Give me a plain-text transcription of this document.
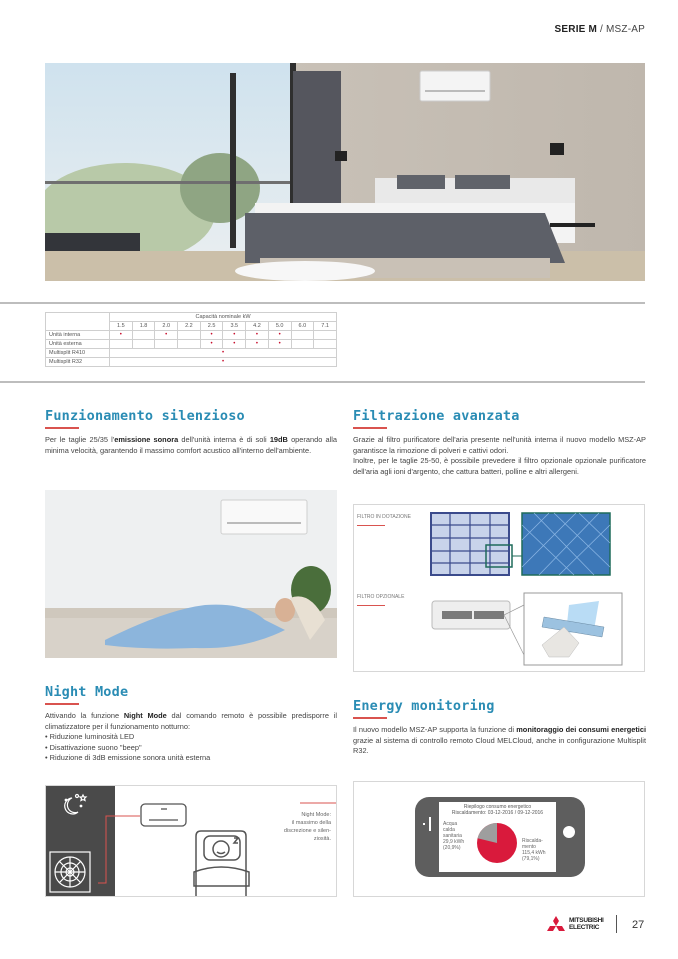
SERIE M / MSZ-AP
	Capacità nominale kW									
	1.5	1.8	2.0	2.2	2.5	3.5	4.2	5.0	6.0	7.1
Unità interna	•		•		•	•	•	•		
Unità esterna					•	•	•	•		
Multisplit R410	•									
Multisplit R32	•									
Funzionamento silenzioso
Per le taglie 25/35 l'emissione sonora dell'unità interna è di soli 19dB operando alla minima velocità, garantendo il massimo comfort acustico all'interno dell'ambiente.
Filtrazione avanzata
Grazie al filtro purificatore dell'aria presente nell'unità interna il nuovo modello MSZ-AP garantisce la rimozione di polveri e cattivi odori.
Inoltre, per le taglie 25-50, è possibile prevedere il filtro opzionale opzionale purificatore dell'aria agli ioni d'argento, che cattura batteri, polline e altri allergeni.
FILTRO IN DOTAZIONE
FILTRO OPZIONALE
Night Mode
Attivando la funzione Night Mode dal comando remoto è possibile predisporre il climatizzatore per il funzionamento notturno:
• Riduzione luminosità LED
• Disattivazione suono "beep"
• Riduzione di 3dB emissione sonora unità esterna
Night Mode:
il massimo della
discrezione e silen-
ziosità.
Energy monitoring
Il nuovo modello MSZ-AP supporta la funzione di monitoraggio dei consumi energetici grazie al sistema di controllo remoto Cloud MELCloud, anche in configurazione Multisplit R32.
Riepilogo consumo energetico
Riscaldamento: 03-12-2016 / 09-12-2016
Acqua
calda
sanitaria
29,9 kWh
(20,9%)
Riscalda-
mento
115,4 kWh
(79,1%)
MITSUBISHI
ELECTRIC	27
